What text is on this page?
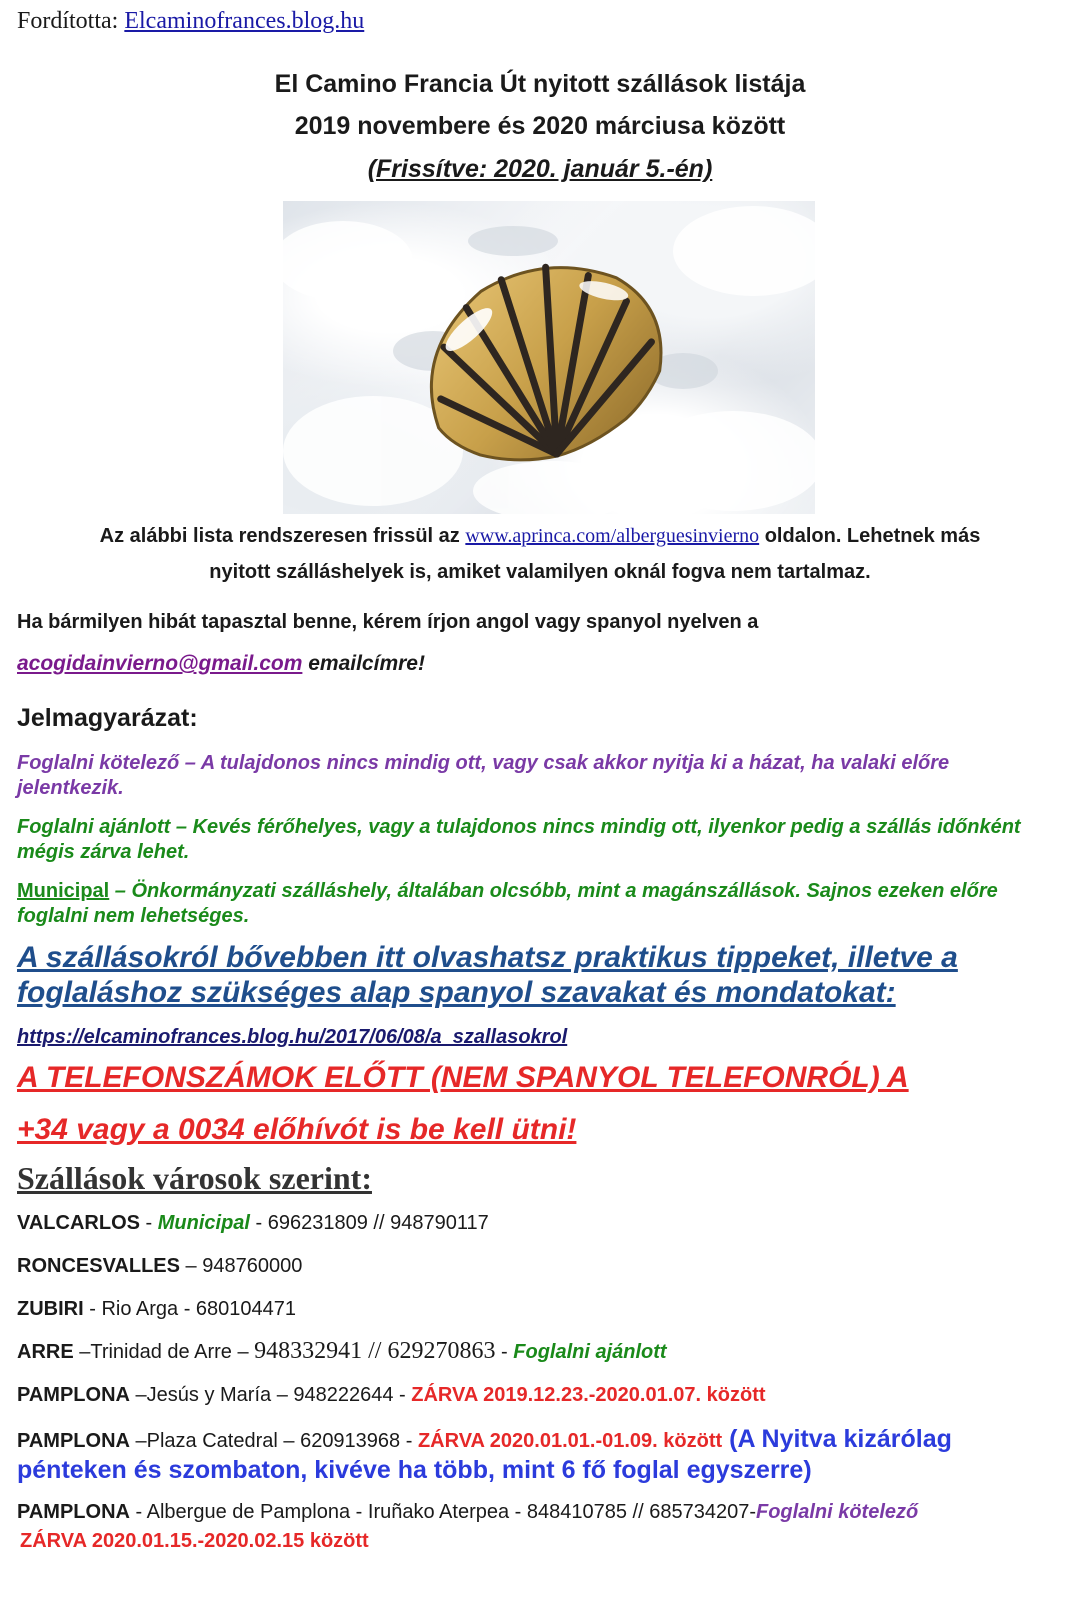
Fordította: Elcaminofrances.blog.hu
El Camino Francia Út nyitott szállások listája
2019 novembere és 2020 márciusa között
(Frissítve: 2020. január 5.-én)
Az alábbi lista rendszeresen frissül az www.aprinca.com/alberguesinvierno oldalon. Lehetnek más
nyitott szálláshelyek is, amiket valamilyen oknál fogva nem tartalmaz.
Ha bármilyen hibát tapasztal benne, kérem írjon angol vagy spanyol nyelven a
acogidainvierno@gmail.com emailcímre!
Jelmagyarázat:
Foglalni kötelező – A tulajdonos nincs mindig ott, vagy csak akkor nyitja ki a házat, ha valaki előre jelentkezik.
Foglalni ajánlott – Kevés férőhelyes, vagy a tulajdonos nincs mindig ott, ilyenkor pedig a szállás időnként mégis zárva lehet.
Municipal – Önkormányzati szálláshely, általában olcsóbb, mint a magánszállások. Sajnos ezeken előre foglalni nem lehetséges.
A szállásokról bővebben itt olvashatsz praktikus tippeket, illetve a foglaláshoz szükséges alap spanyol szavakat és mondatokat:
https://elcaminofrances.blog.hu/2017/06/08/a_szallasokrol
A TELEFONSZÁMOK ELŐTT (NEM SPANYOL TELEFONRÓL) A
+34 vagy a 0034 előhívót is be kell ütni!
Szállások városok szerint:
VALCARLOS - Municipal - 696231809 // 948790117
RONCESVALLES – 948760000
ZUBIRI - Rio Arga - 680104471
ARRE –Trinidad de Arre – 948332941 // 629270863 - Foglalni ajánlott
PAMPLONA –Jesús y María – 948222644 - ZÁRVA 2019.12.23.-2020.01.07. között
PAMPLONA –Plaza Catedral – 620913968 - ZÁRVA 2020.01.01.-01.09. között (A Nyitva kizárólag
pénteken és szombaton, kivéve ha több, mint 6 fő foglal egyszerre)
PAMPLONA - Albergue de Pamplona - Iruñako Aterpea - 848410785 // 685734207-Foglalni kötelező
ZÁRVA 2020.01.15.-2020.02.15 között
